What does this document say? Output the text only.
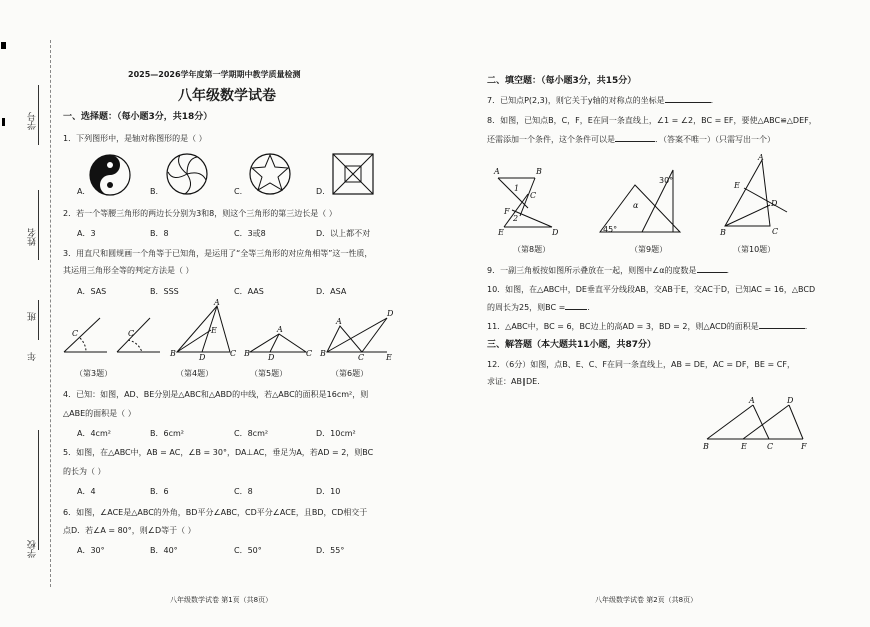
学号
姓名
班
年
学校
2025—2026学年度第一学期期中教学质量检测
八年级数学试卷
一、选择题：（每小题3分，共18分）
1．下列图形中，是轴对称图形的是（ ）
A.	B.	C.	D.
2．若一个等腰三角形的两边长分别为3和8，则这个三角形的第三边长是（ ）
A．3	B．8	C．3或8	D．以上都不对
3．用直尺和圆规画一个角等于已知角，是运用了“全等三角形的对应角相等”这一性质，
其运用三角形全等的判定方法是（ ）
A．SAS	B．SSS	C．AAS	D．ASA
C	C
A
B	D	C
E	A
B D	C
A
B	C	E
D
（第3题）	（第4题）	（第5题）	（第6题）
4．已知：如图，AD、BE分别是△ABC和△ABD的中线，若△ABC的面积是16cm²，则
△ABE的面积是（ ）
A．4cm²	B．6cm²	C．8cm²	D．10cm²
5．如图，在△ABC中，AB = AC，∠B = 30°，DA⊥AC，垂足为A，若AD = 2，则BC
的长为（ ）
A．4	B．6	C．8	D．10
6．如图，∠ACE是△ABC的外角，BD平分∠ABC，CD平分∠ACE，且BD，CD相交于
点D．若∠A = 80°，则∠D等于（ ）
A．30°	B．40°	C．50°	D．55°
八年级数学试卷 第1页（共8页）
二、填空题：（每小题3分，共15分）
7．已知点P(2,3)，则它关于y轴的对称点的坐标是	.
8．如图，已知点B，C，F，E在同一条直线上，∠1 = ∠2，BC = EF，要使△ABC≌△DEF，
还需添加一个条件，这个条件可以是	．（答案不唯一）（只需写出一个）
A	B
C
1
2
F
E	D
α
A
E
D
B	C
30°
45°
（第8题）	（第9题）	（第10题）
9．一副三角板按如图所示叠放在一起，则图中∠α的度数是	.
10．如图，在△ABC中，DE垂直平分线段AB，交AB于E，交AC于D，已知AC = 16，△BCD
的周长为25，则BC =	.
11．△ABC中，BC = 6，BC边上的高AD = 3，BD = 2，则△ACD的面积是	.
三、解答题（本大题共11小题，共87分）
12．（6分）如图，点B、E、C、F在同一条直线上，AB = DE，AC = DF，BE = CF，
求证：AB∥DE.
A	D
B	E	C	F
八年级数学试卷 第2页（共8页）
